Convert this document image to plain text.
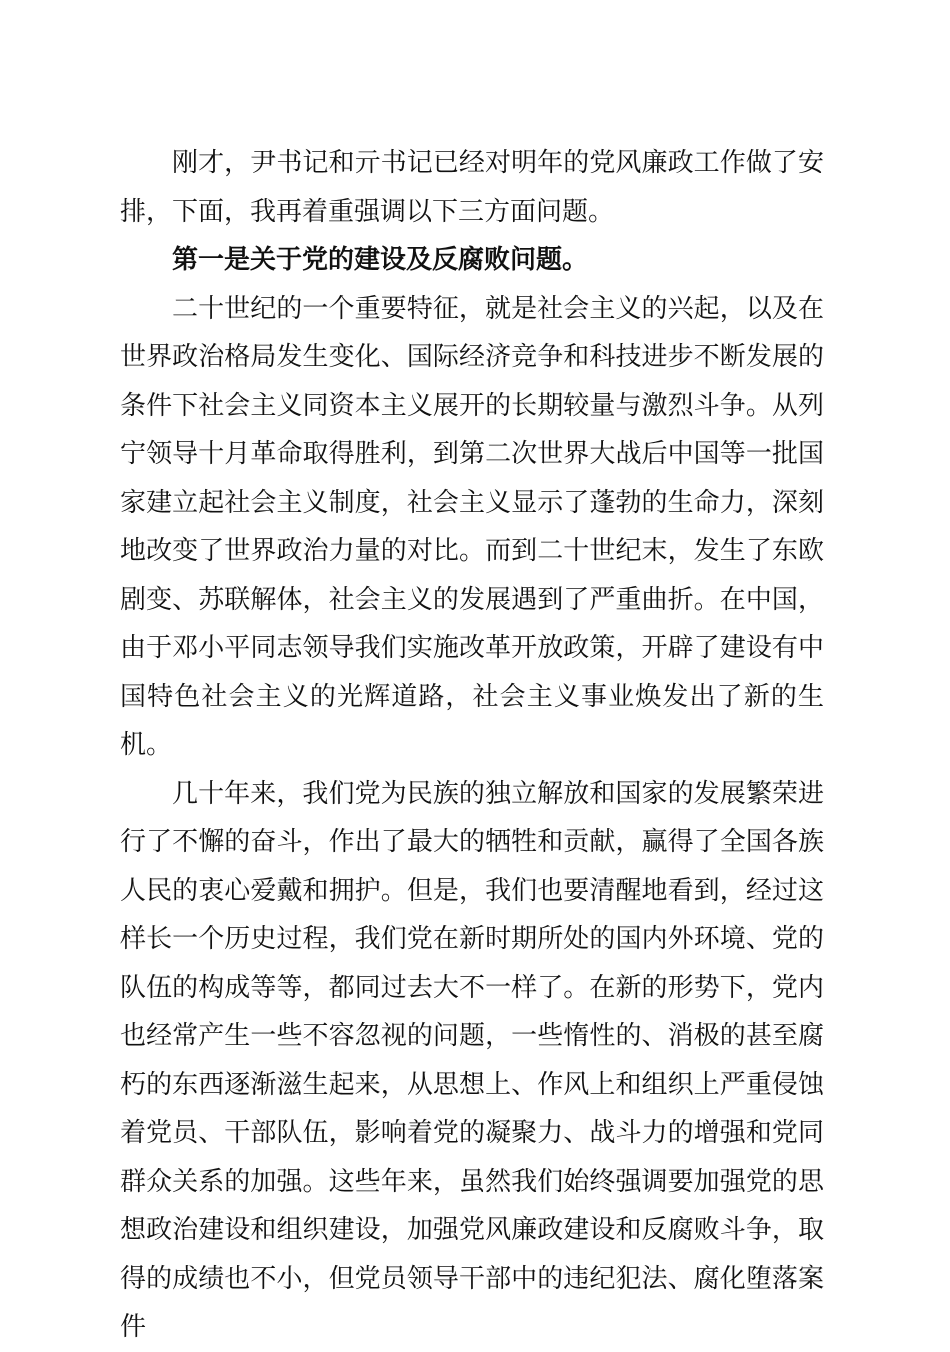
刚才，尹书记和亓书记已经对明年的党风廉政工作做了安排，下面，我再着重强调以下三方面问题。

第一是关于党的建设及反腐败问题。

二十世纪的一个重要特征，就是社会主义的兴起，以及在世界政治格局发生变化、国际经济竞争和科技进步不断发展的条件下社会主义同资本主义展开的长期较量与激烈斗争。从列宁领导十月革命取得胜利，到第二次世界大战后中国等一批国家建立起社会主义制度，社会主义显示了蓬勃的生命力，深刻地改变了世界政治力量的对比。而到二十世纪末，发生了东欧剧变、苏联解体，社会主义的发展遇到了严重曲折。在中国，由于邓小平同志领导我们实施改革开放政策，开辟了建设有中国特色社会主义的光辉道路，社会主义事业焕发出了新的生机。

几十年来，我们党为民族的独立解放和国家的发展繁荣进行了不懈的奋斗，作出了最大的牺牲和贡献，赢得了全国各族人民的衷心爱戴和拥护。但是，我们也要清醒地看到，经过这样长一个历史过程，我们党在新时期所处的国内外环境、党的队伍的构成等等，都同过去大不一样了。在新的形势下，党内也经常产生一些不容忽视的问题，一些惰性的、消极的甚至腐朽的东西逐渐滋生起来，从思想上、作风上和组织上严重侵蚀着党员、干部队伍，影响着党的凝聚力、战斗力的增强和党同群众关系的加强。这些年来，虽然我们始终强调要加强党的思想政治建设和组织建设，加强党风廉政建设和反腐败斗争，取得的成绩也不小，但党员领导干部中的违纪犯法、腐化堕落案件
